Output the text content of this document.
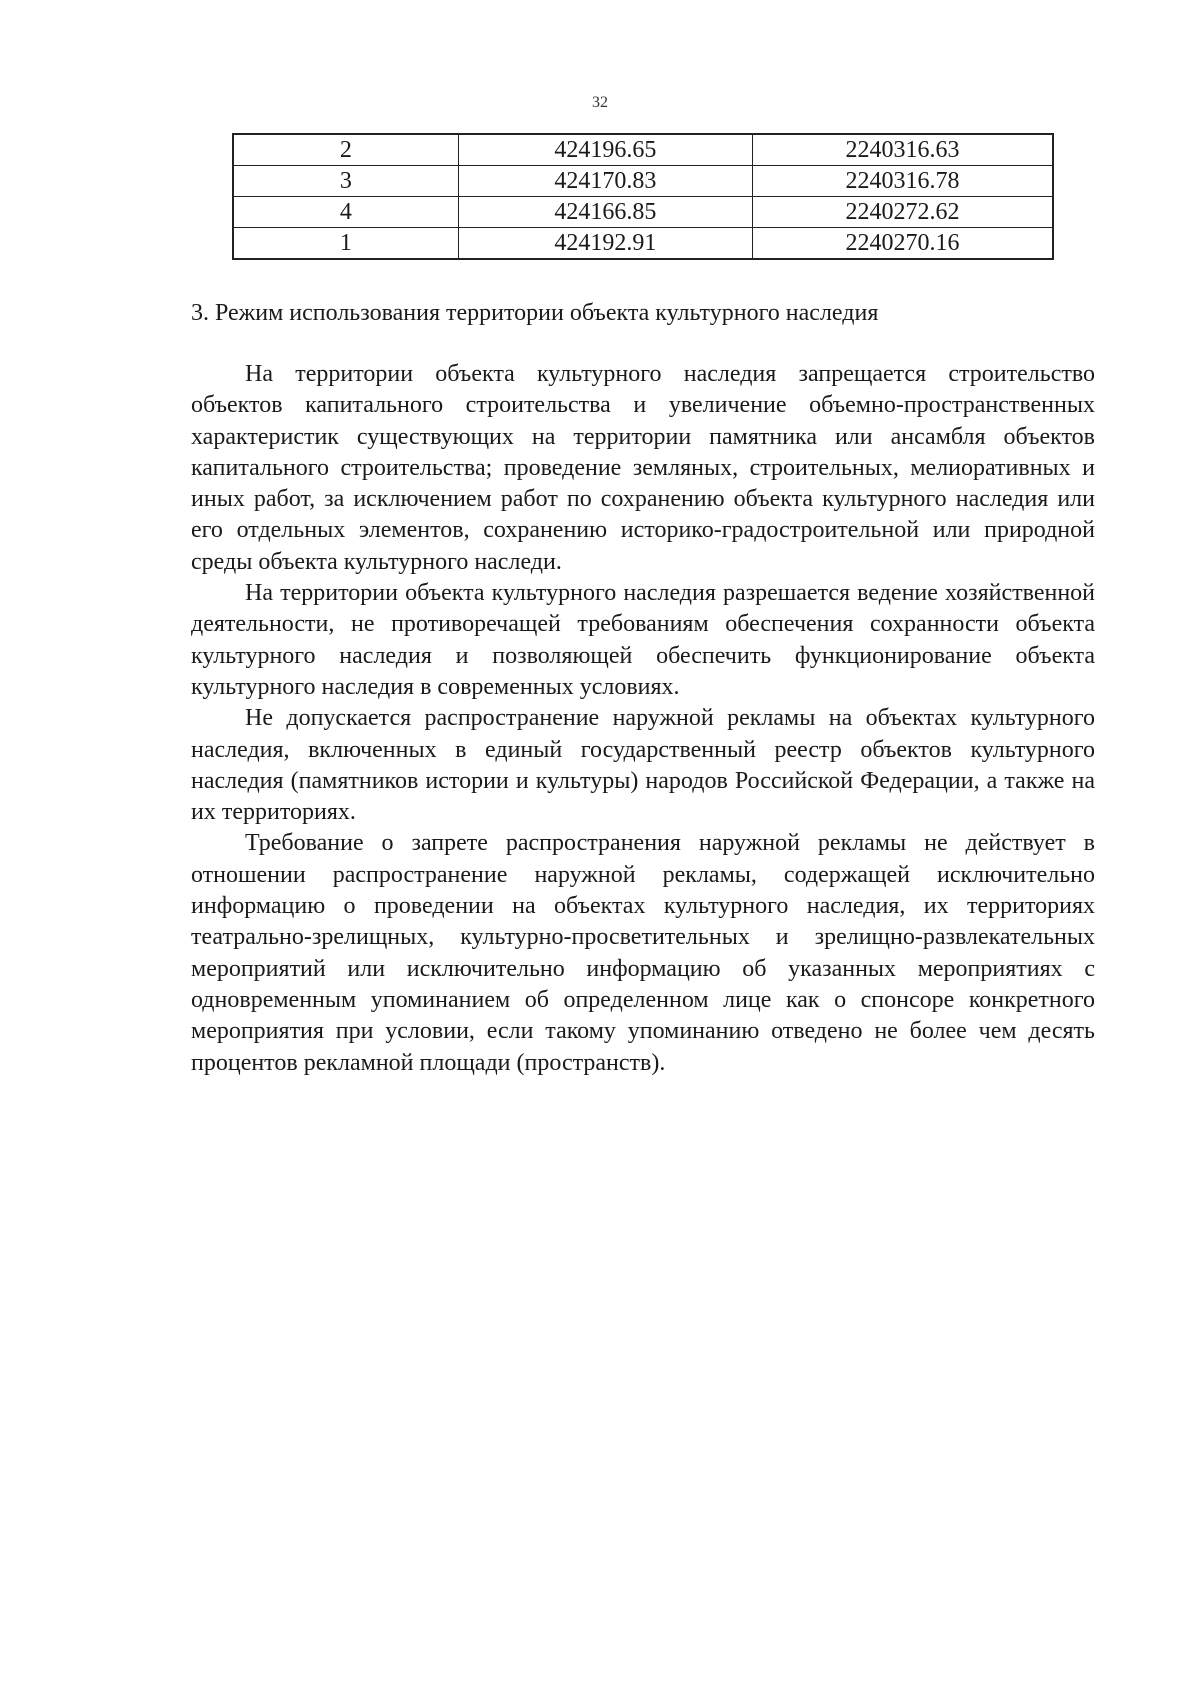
32
2	424196.65	2240316.63
3	424170.83	2240316.78
4	424166.85	2240272.62
1	424192.91	2240270.16
3. Режим использования территории объекта культурного наследия

На территории объекта культурного наследия запрещается строительство объектов капитального строительства и увеличение объемно-пространственных характеристик существующих на территории памятника или ансамбля объектов капитального строительства; проведение земляных, строительных, мелиоративных и иных работ, за исключением работ по сохранению объекта культурного наследия или его отдельных элементов, сохранению историко-градостроительной или природной среды объекта культурного наследи.

На территории объекта культурного наследия разрешается ведение хозяйственной деятельности, не противоречащей требованиям обеспечения сохранности объекта культурного наследия и позволяющей обеспечить функционирование объекта культурного наследия в современных условиях.

Не допускается распространение наружной рекламы на объектах культурного наследия, включенных в единый государственный реестр объектов культурного наследия (памятников истории и культуры) народов Российской Федерации, а также на их территориях.

Требование о запрете распространения наружной рекламы не действует в отношении распространение наружной рекламы, содержащей исключительно информацию о проведении на объектах культурного наследия, их территориях театрально-зрелищных, культурно-просветительных и зрелищно-развлекательных мероприятий или исключительно информацию об указанных мероприятиях с одновременным упоминанием об определенном лице как о спонсоре конкретного мероприятия при условии, если такому упоминанию отведено не более чем десять процентов рекламной площади (пространств).
